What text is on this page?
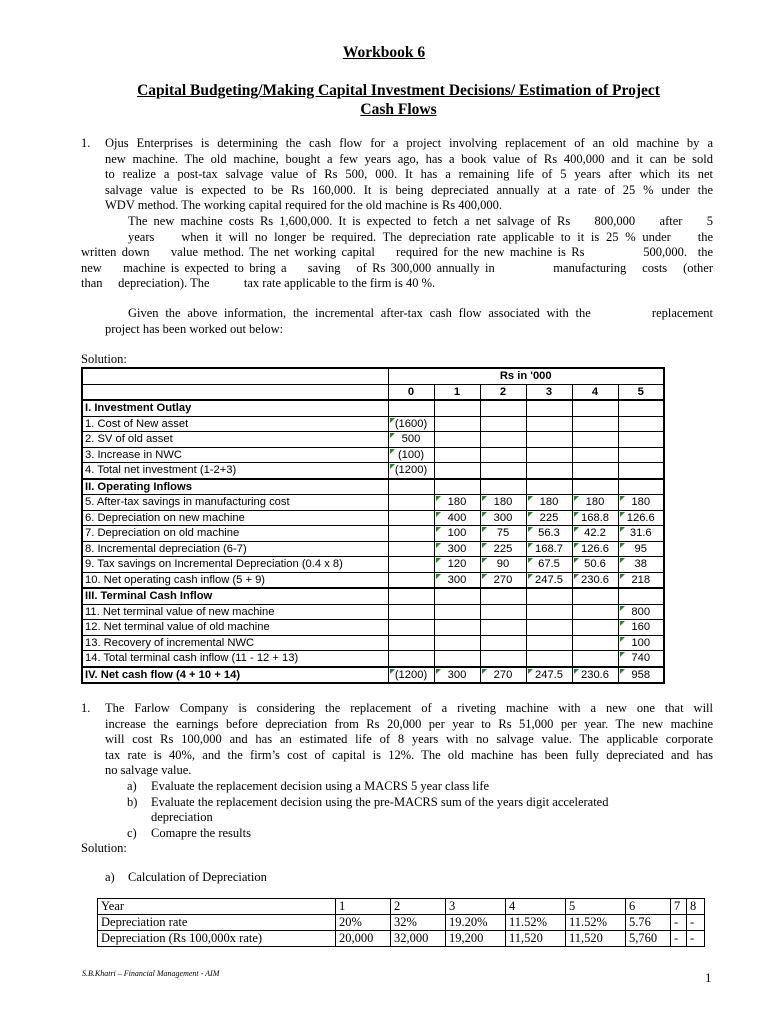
Workbook 6
Capital Budgeting/Making Capital Investment Decisions/ Estimation of Project
Cash Flows
1. Ojus Enterprises is determining the cash flow for a project involving replacement of an old machine by a
new machine. The old machine, bought a few years ago, has a book value of Rs 400,000 and it can be sold
to realize a post-tax salvage value of Rs 500, 000. It has a remaining life of 5 years after which its net
salvage value is expected to be Rs 160,000. It is being depreciated annually at a rate of 25 % under the
WDV method. The working capital required for the old machine is Rs 400,000.
The new machine costs Rs 1,600,000. It is expected to fetch a net salvage of Rs    800,000    after    5
years    when it will no longer be required. The depreciation rate applicable to it is 25 % under    the
written down    value method. The net working capital    required for the new machine is Rs           500,000.  the
new    machine is expected to bring a    saving   of Rs 300,000 annually in           manufacturing   costs   (other
than     depreciation). The           tax rate applicable to the firm is 40 %.
Given the above information, the incremental after-tax cash flow associated with the         replacement
project has been worked out below:
Solution:
	Rs in '000					
	0	1	2	3	4	5
I. Investment Outlay						
1. Cost of New asset	(1600)					
2. SV of old asset	500					
3. Increase in NWC	(100)					
4. Total net investment (1-2+3)	(1200)					
II. Operating Inflows						
5. After-tax savings in manufacturing cost		180	180	180	180	180
6. Depreciation on new machine		400	300	225	168.8	126.6
7. Depreciation on old machine		100	75	56.3	42.2	31.6
8. Incremental depreciation (6-7)		300	225	168.7	126.6	95
9. Tax savings on Incremental Depreciation (0.4 x 8)		120	90	67.5	50.6	38
10. Net operating cash inflow (5 + 9)		300	270	247.5	230.6	218
III. Terminal Cash Inflow						
11. Net terminal value of new machine						800
12. Net terminal value of old machine						160
13. Recovery of incremental NWC						100
14. Total terminal cash inflow (11 - 12 + 13)						740
IV. Net cash flow (4 + 10 + 14)	(1200)	300	270	247.5	230.6	958
1. The Farlow Company is considering the replacement of a riveting machine with a new one that will
increase the earnings before depreciation from Rs 20,000 per year to Rs 51,000 per year. The new machine
will cost Rs 100,000 and has an estimated life of 8 years with no salvage value. The applicable corporate
tax rate is 40%, and the firm’s cost of capital is 12%. The old machine has been fully depreciated and has
no salvage value.
a) Evaluate the replacement decision using a MACRS 5 year class life
b) Evaluate the replacement decision using the pre-MACRS sum of the years digit accelerated
depreciation
c) Comapre the results
Solution:
a) Calculation of Depreciation
Year	1	2	3	4	5	6	7	8
Depreciation rate	20%	32%	19.20%	11.52%	11.52%	5.76	-	-
Depreciation (Rs 100,000x rate)	20,000	32,000	19,200	11,520	11,520	5,760	-	-
S.B.Khatri – Financial Management - AIM	1
